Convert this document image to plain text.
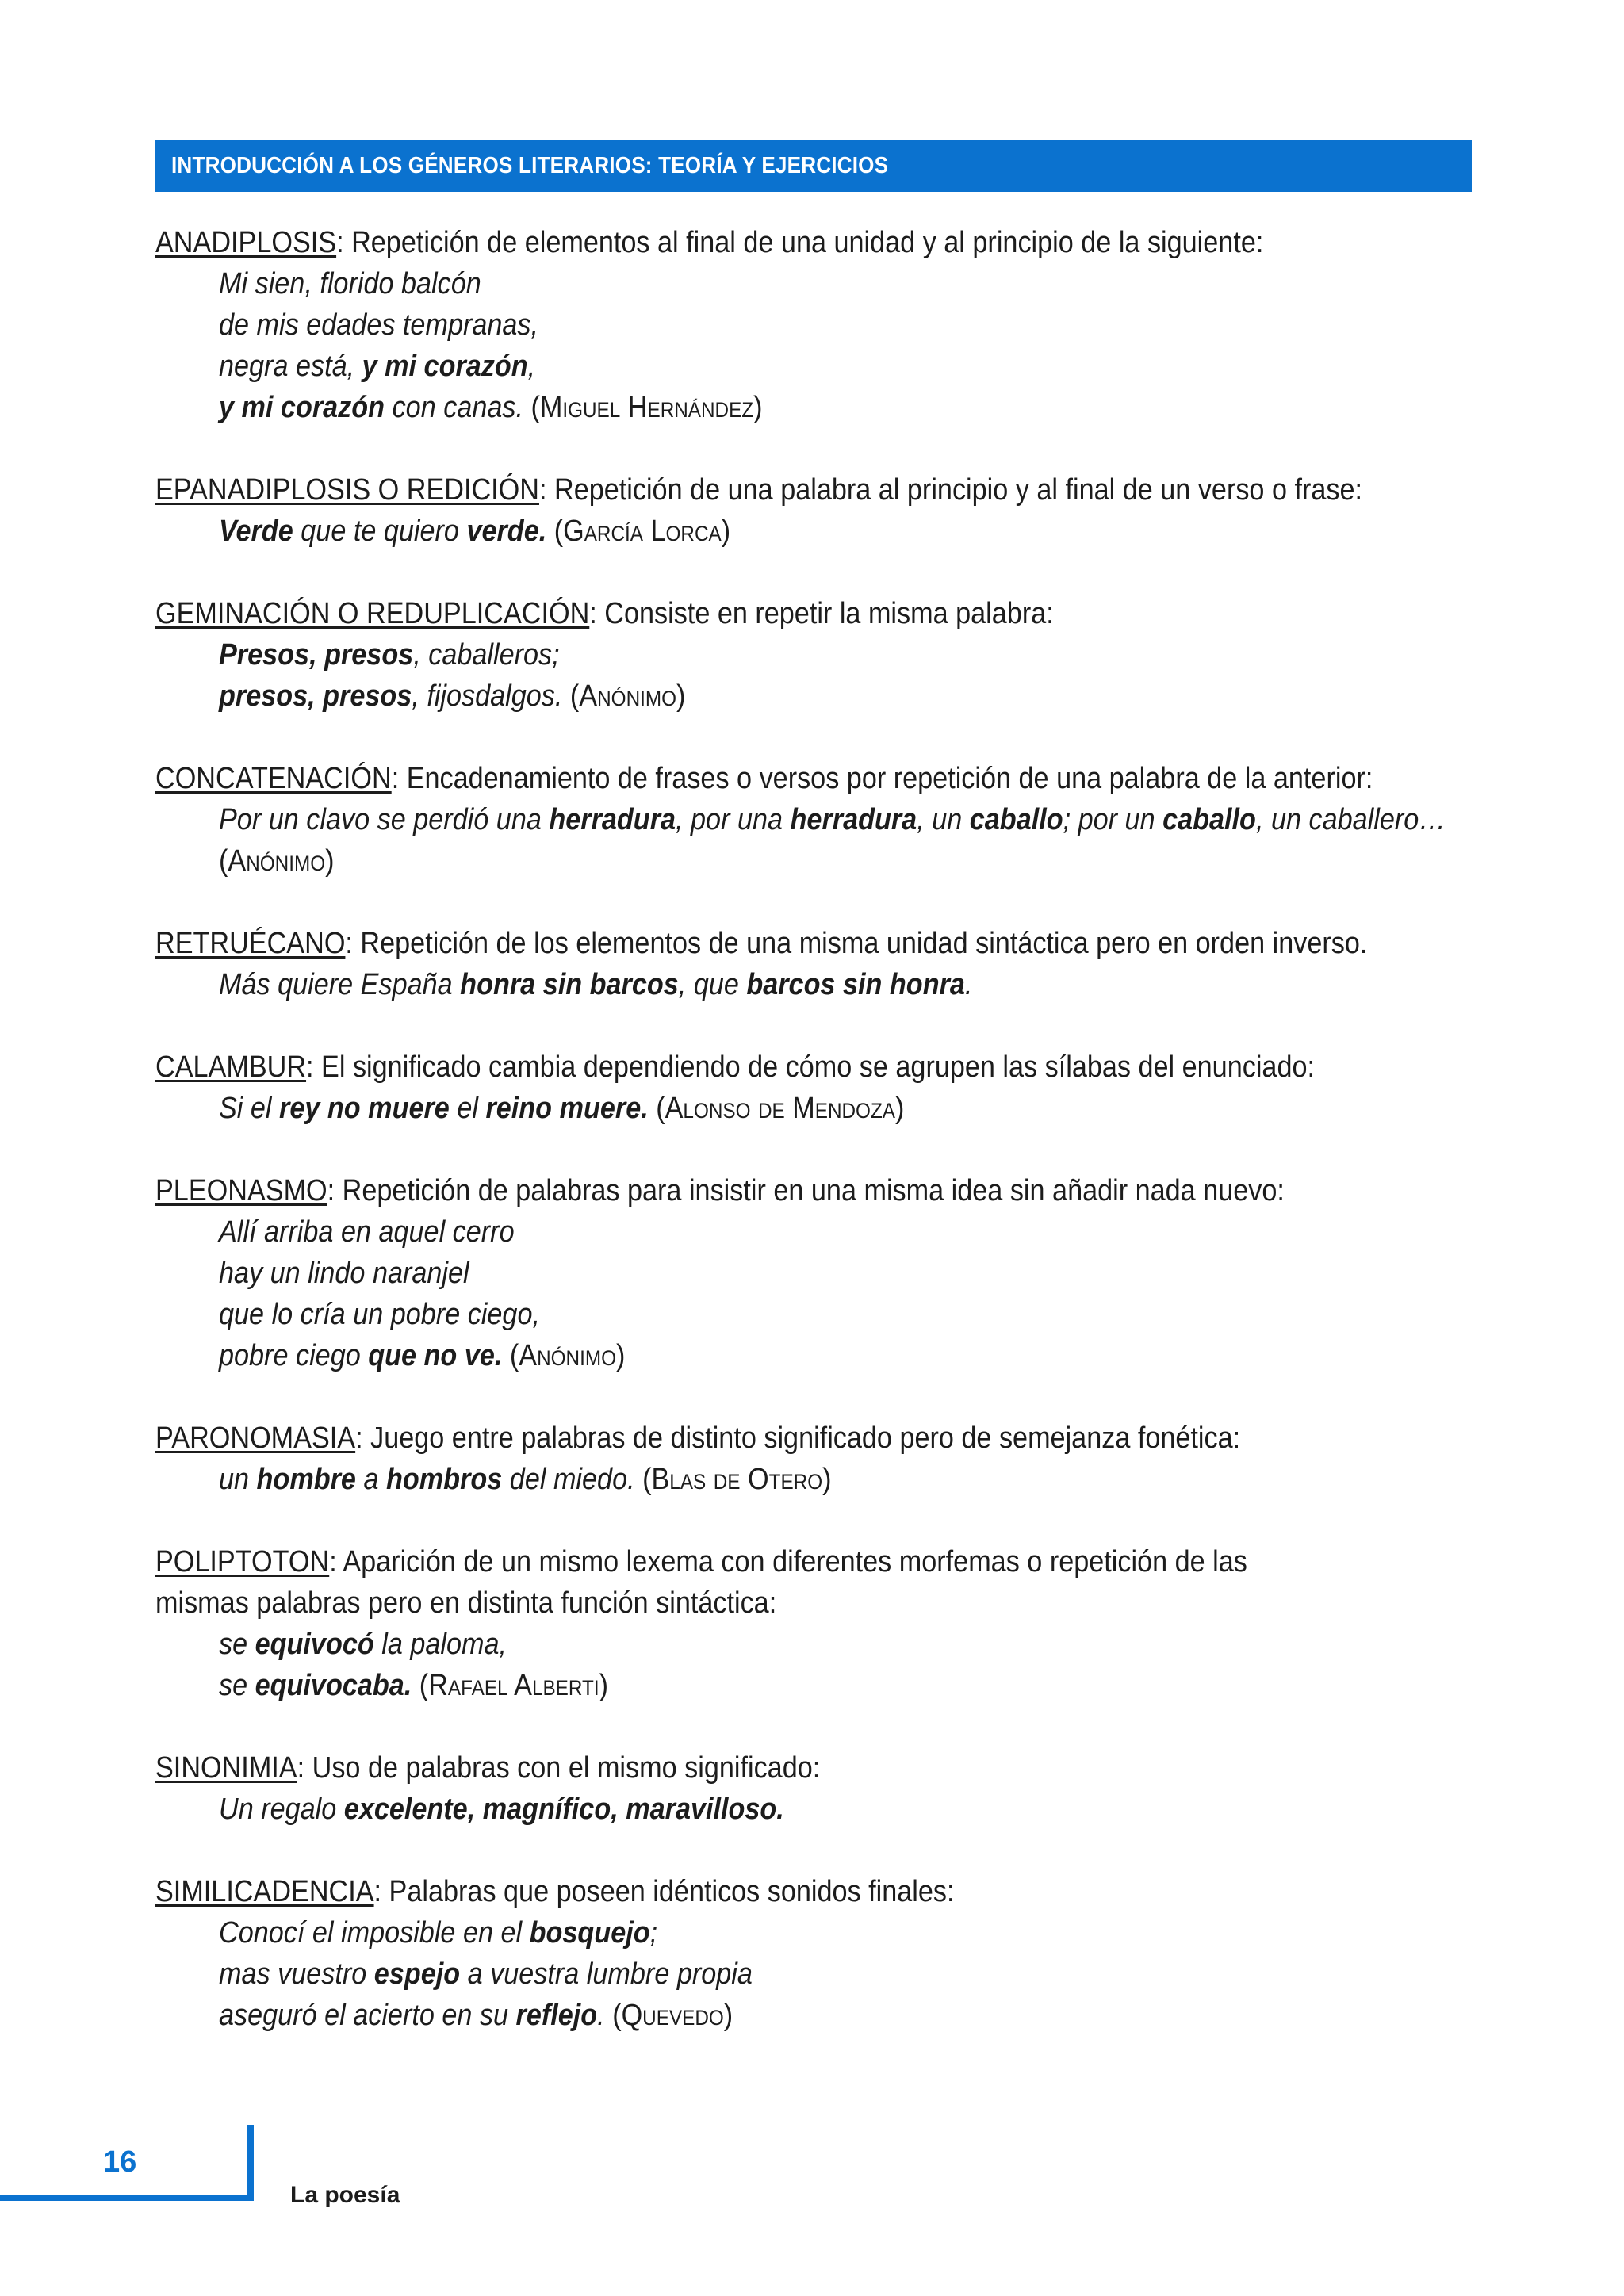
INTRODUCCIÓN A LOS GÉNEROS LITERARIOS: TEORÍA Y EJERCICIOS
ANADIPLOSIS: Repetición de elementos al final de una unidad y al principio de la siguiente:
Mi sien, florido balcón
de mis edades tempranas,
negra está, y mi corazón,
y mi corazón con canas. (Miguel Hernández)
EPANADIPLOSIS O REDICIÓN: Repetición de una palabra al principio y al final de un verso o frase:
Verde que te quiero verde. (García Lorca)
GEMINACIÓN O REDUPLICACIÓN: Consiste en repetir la misma palabra:
Presos, presos, caballeros;
presos, presos, fijosdalgos. (Anónimo)
CONCATENACIÓN: Encadenamiento de frases o versos por repetición de una palabra de la anterior:
Por un clavo se perdió una herradura, por una herradura, un caballo; por un caballo, un caballero…
(Anónimo)
RETRUÉCANO: Repetición de los elementos de una misma unidad sintáctica pero en orden inverso.
Más quiere España honra sin barcos, que barcos sin honra.
CALAMBUR: El significado cambia dependiendo de cómo se agrupen las sílabas del enunciado:
Si el rey no muere el reino muere. (Alonso de Mendoza)
PLEONASMO: Repetición de palabras para insistir en una misma idea sin añadir nada nuevo:
Allí arriba en aquel cerro
hay un lindo naranjel
que lo cría un pobre ciego,
pobre ciego que no ve. (Anónimo)
PARONOMASIA: Juego entre palabras de distinto significado pero de semejanza fonética:
un hombre a hombros del miedo. (Blas de Otero)
POLIPTOTON: Aparición de un mismo lexema con diferentes morfemas o repetición de las mismas palabras pero en distinta función sintáctica:
se equivocó la paloma,
se equivocaba. (Rafael Alberti)
SINONIMIA: Uso de palabras con el mismo significado:
Un regalo excelente, magnífico, maravilloso.
SIMILICADENCIA: Palabras que poseen idénticos sonidos finales:
Conocí el imposible en el bosquejo;
mas vuestro espejo a vuestra lumbre propia
aseguró el acierto en su reflejo. (Quevedo)
16
La poesía
